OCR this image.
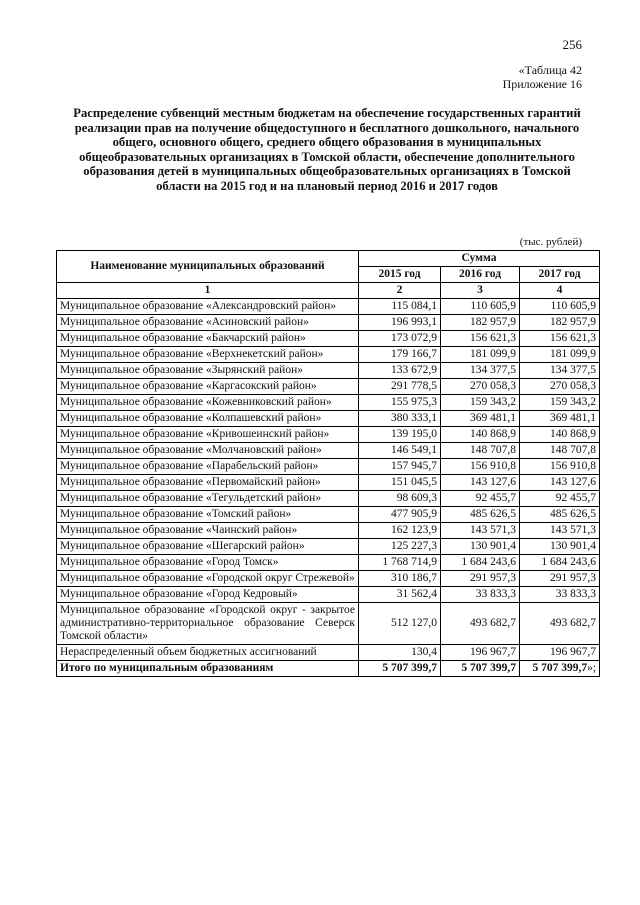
256
«Таблица 42
Приложение 16
Распределение субвенций местным бюджетам на обеспечение государственных гарантий реализации прав на получение общедоступного и бесплатного дошкольного, начального общего, основного общего, среднего общего образования в муниципальных общеобразовательных организациях в Томской области, обеспечение дополнительного образования детей в муниципальных общеобразовательных организациях в Томской области на 2015 год и на плановый период 2016 и 2017 годов
(тыс. рублей)
Наименование муниципальных образований	Сумма		
	2015 год	2016 год	2017 год
1	2	3	4
Муниципальное образование «Александровский район»	115 084,1	110 605,9	110 605,9
Муниципальное образование «Асиновский район»	196 993,1	182 957,9	182 957,9
Муниципальное образование «Бакчарский район»	173 072,9	156 621,3	156 621,3
Муниципальное образование «Верхнекетский район»	179 166,7	181 099,9	181 099,9
Муниципальное образование «Зырянский район»	133 672,9	134 377,5	134 377,5
Муниципальное образование «Каргасокский район»	291 778,5	270 058,3	270 058,3
Муниципальное образование «Кожевниковский район»	155 975,3	159 343,2	159 343,2
Муниципальное образование «Колпашевский район»	380 333,1	369 481,1	369 481,1
Муниципальное образование «Кривошеинский район»	139 195,0	140 868,9	140 868,9
Муниципальное образование «Молчановский район»	146 549,1	148 707,8	148 707,8
Муниципальное образование «Парабельский район»	157 945,7	156 910,8	156 910,8
Муниципальное образование «Первомайский район»	151 045,5	143 127,6	143 127,6
Муниципальное образование «Тегульдетский район»	98 609,3	92 455,7	92 455,7
Муниципальное образование «Томский район»	477 905,9	485 626,5	485 626,5
Муниципальное образование «Чаинский район»	162 123,9	143 571,3	143 571,3
Муниципальное образование «Шегарский район»	125 227,3	130 901,4	130 901,4
Муниципальное образование «Город Томск»	1 768 714,9	1 684 243,6	1 684 243,6
Муниципальное образование «Городской округ Стрежевой»	310 186,7	291 957,3	291 957,3
Муниципальное образование «Город Кедровый»	31 562,4	33 833,3	33 833,3
Муниципальное образование «Городской округ - закрытое административно-территориальное образование Северск Томской области»	512 127,0	493 682,7	493 682,7
Нераспределенный объем бюджетных ассигнований	130,4	196 967,7	196 967,7
Итого по муниципальным образованиям	5 707 399,7	5 707 399,7	5 707 399,7»;
